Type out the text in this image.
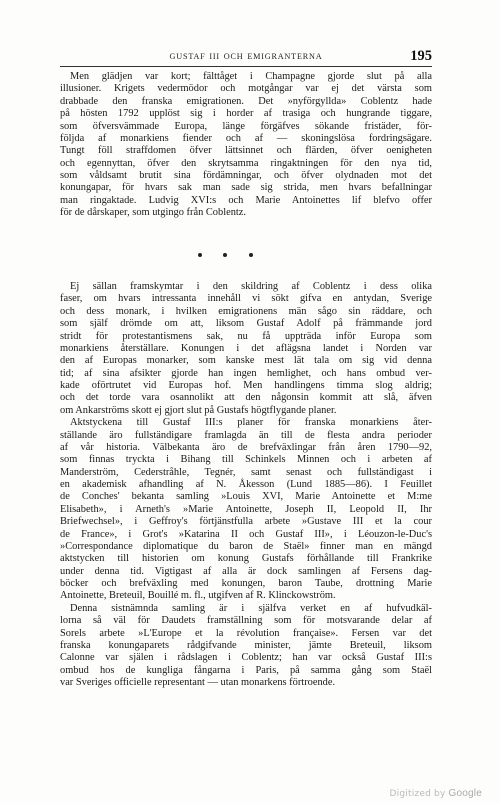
GUSTAF III OCH EMIGRANTERNA	195
Men glädjen var kort; fälttåget i Champagne gjorde slut på alla
illusioner. Krigets vedermödor och motgångar var ej det värsta som
drabbade den franska emigrationen. Det »nyförgyllda» Coblentz hade
på hösten 1792 upplöst sig i horder af trasiga och hungrande tiggare,
som öfversvämmade Europa, länge förgäfves sökande fristäder, för-
följda af monarkiens fiender och af — skoningslösa fordringsägare.
Tungt föll straffdomen öfver lättsinnet och flärden, öfver oenigheten
och egennyttan, öfver den skrytsamma ringaktningen för den nya tid,
som våldsamt brutit sina fördämningar, och öfver olydnaden mot det
konungapar, för hvars sak man sade sig strida, men hvars befallningar
man ringaktade. Ludvig XVI:s och Marie Antoinettes lif blefvo offer
för de dårskaper, som utgingo från Coblentz.
Ej sällan framskymtar i den skildring af Coblentz i dess olika
faser, om hvars intressanta innehåll vi sökt gifva en antydan, Sverige
och dess monark, i hvilken emigrationens män sågo sin räddare, och
som själf drömde om att, liksom Gustaf Adolf på främmande jord
stridt för protestantismens sak, nu få uppträda inför Europa som
monarkiens återställare. Konungen i det aflägsna landet i Norden var
den af Europas monarker, som kanske mest lät tala om sig vid denna
tid; af sina afsikter gjorde han ingen hemlighet, och hans ombud ver-
kade oförtrutet vid Europas hof. Men handlingens timma slog aldrig;
och det torde vara osannolikt att den någonsin kommit att slå, äfven
om Ankarströms skott ej gjort slut på Gustafs högtflygande planer.
Aktstyckena till Gustaf III:s planer för franska monarkiens åter-
ställande äro fullständigare framlagda än till de flesta andra perioder
af vår historia. Välbekanta äro de brefväxlingar från åren 1790—92,
som finnas tryckta i Bihang till Schinkels Minnen och i arbeten af
Manderström, Cederstråhle, Tegnér, samt senast och fullständigast i
en akademisk afhandling af N. Åkesson (Lund 1885—86). I Feuillet
de Conches' bekanta samling »Louis XVI, Marie Antoinette et M:me
Elisabeth», i Arneth's »Marie Antoinette, Joseph II, Leopold II, Ihr
Briefwechsel», i Geffroy's förtjänstfulla arbete »Gustave III et la cour
de France», i Grot's »Katarina II och Gustaf III», i Léouzon-le-Duc's
»Correspondance diplomatique du baron de Staël» finner man en mängd
aktstycken till historien om konung Gustafs förhållande till Frankrike
under denna tid. Vigtigast af alla är dock samlingen af Fersens dag-
böcker och brefväxling med konungen, baron Taube, drottning Marie
Antoinette, Breteuil, Bouillé m. fl., utgifven af R. Klinckowström.
Denna sistnämnda samling är i själfva verket en af hufvudkäl-
lorna så väl för Daudets framställning som för motsvarande delar af
Sorels arbete »L'Europe et la révolution française». Fersen var det
franska konungaparets rådgifvande minister, jämte Breteuil, liksom
Calonne var själen i rådslagen i Coblentz; han var också Gustaf III:s
ombud hos de kungliga fångarna i Paris, på samma gång som Staël
var Sveriges officielle representant — utan monarkens förtroende.
Digitized by Google
